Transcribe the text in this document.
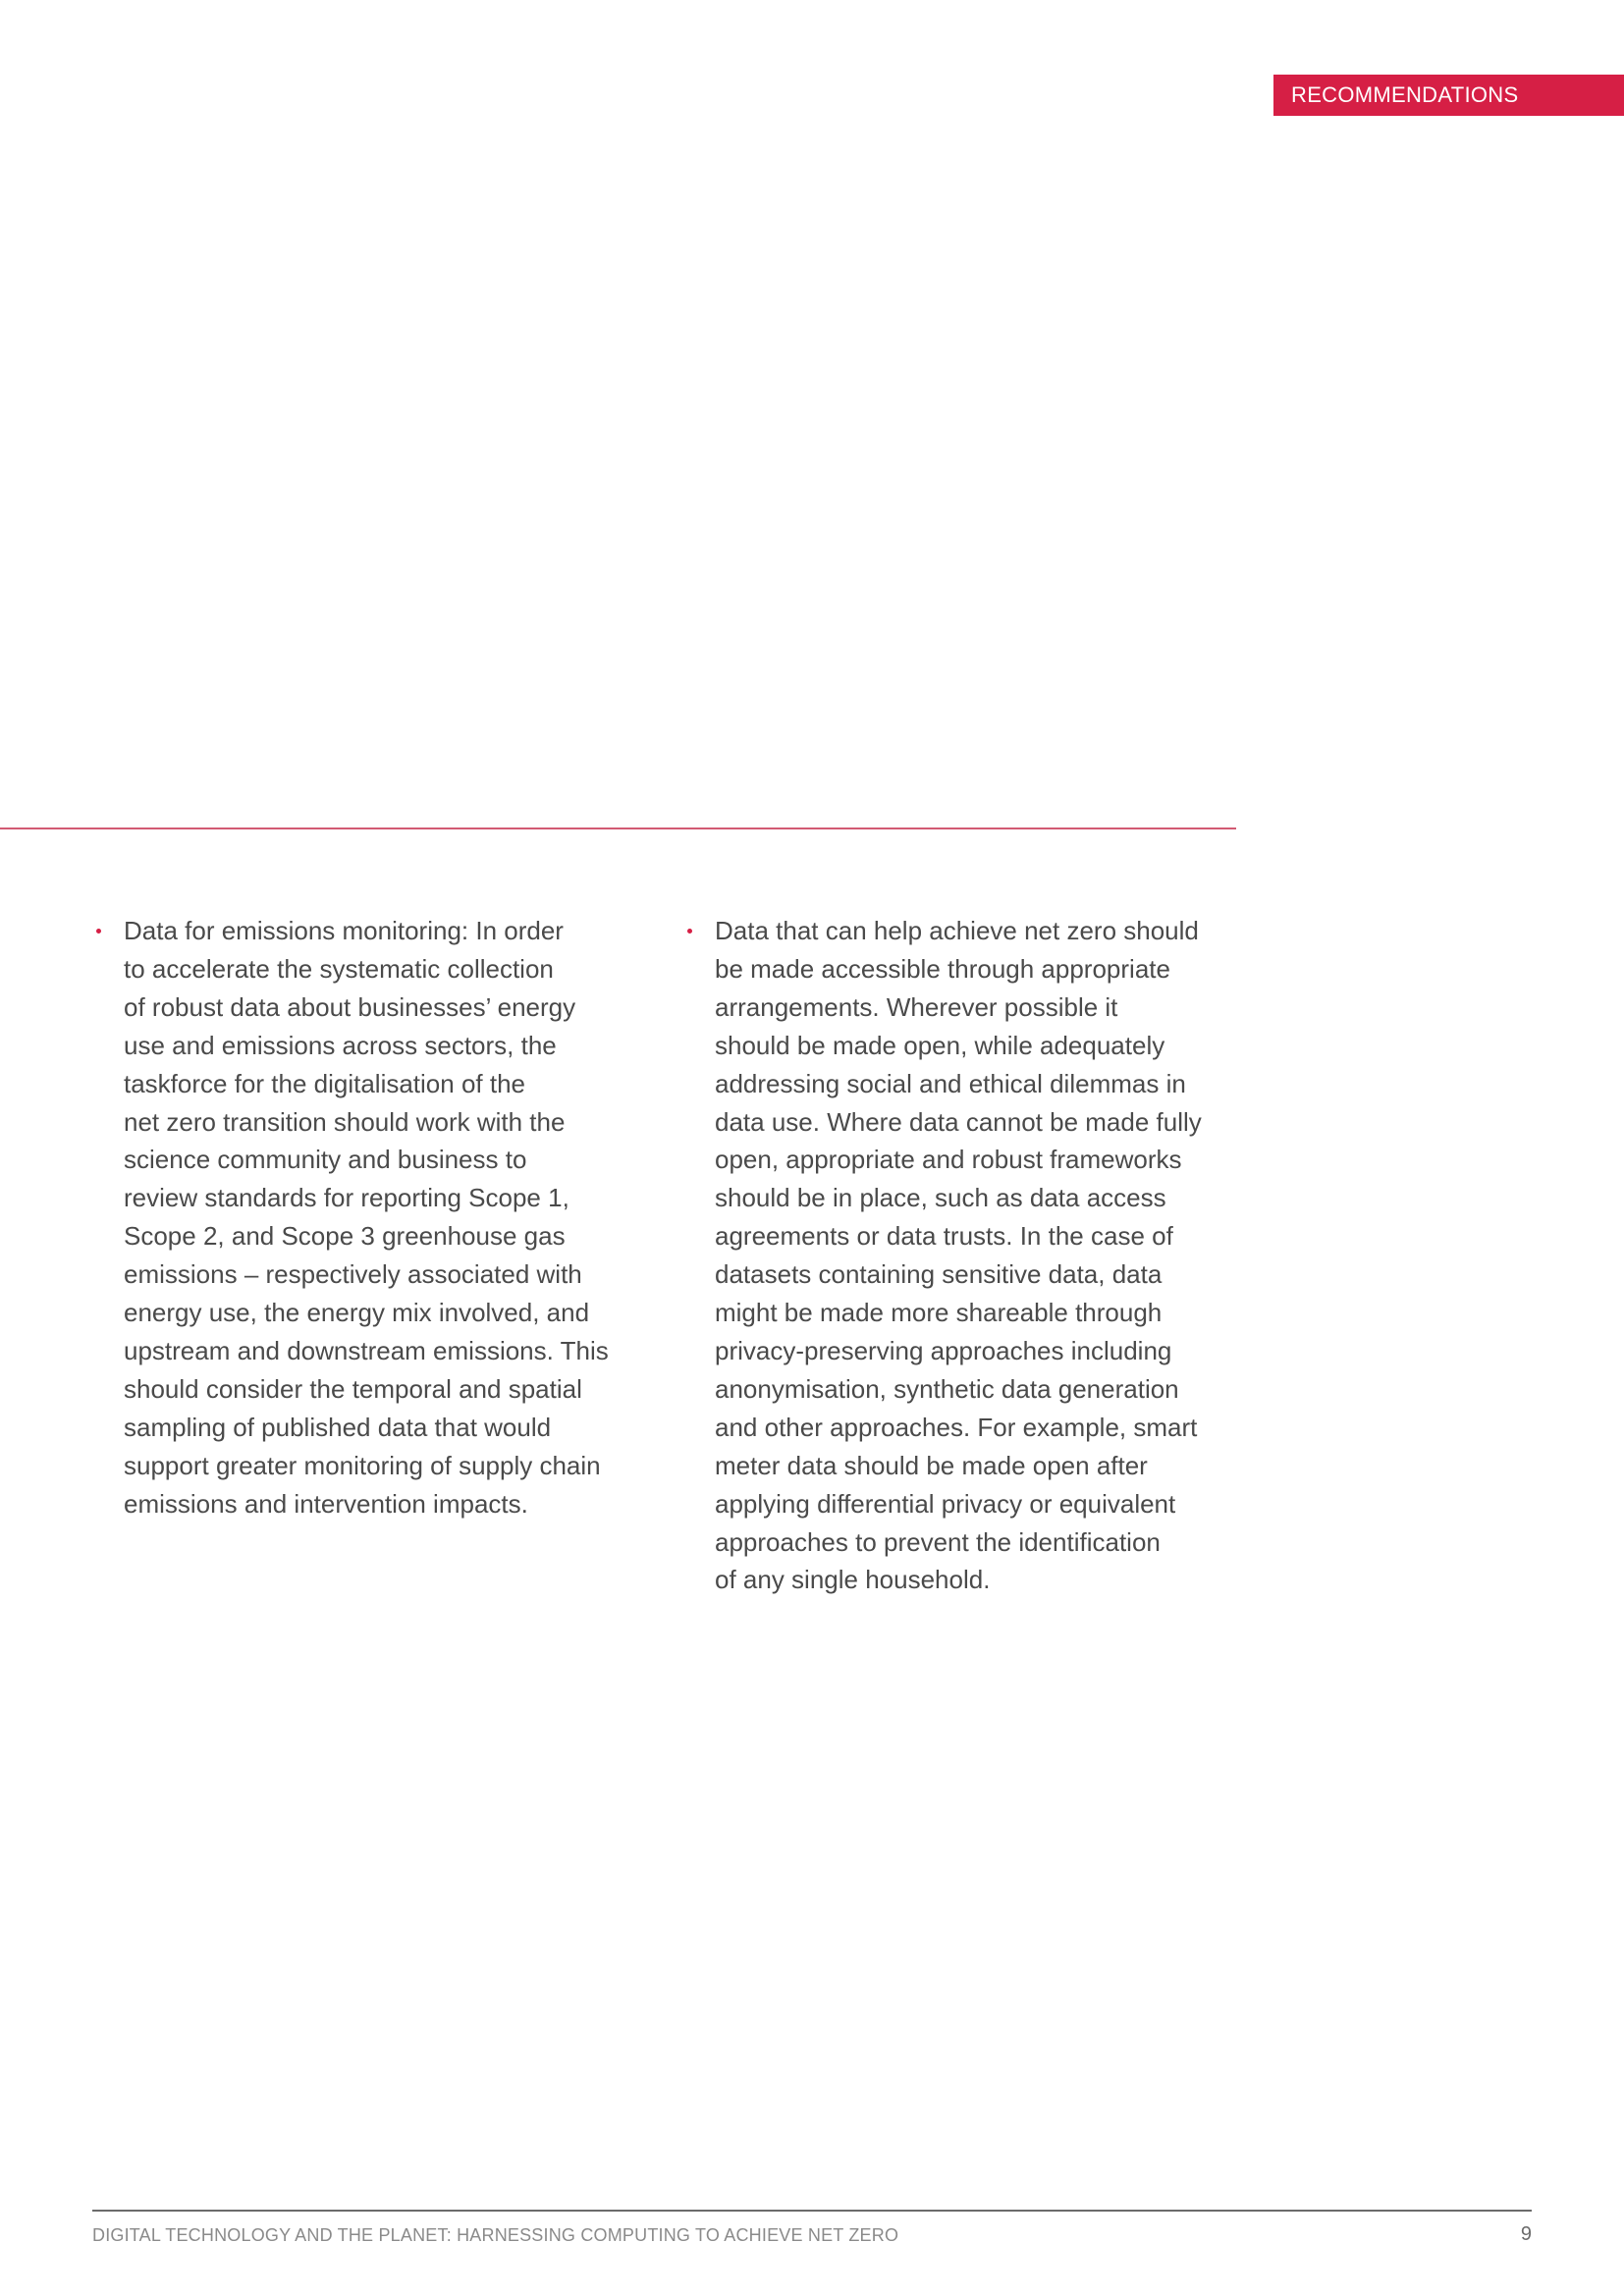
RECOMMENDATIONS
Data for emissions monitoring: In order
to accelerate the systematic collection
of robust data about businesses’ energy
use and emissions across sectors, the
taskforce for the digitalisation of the
net zero transition should work with the
science community and business to
review standards for reporting Scope 1,
Scope 2, and Scope 3 greenhouse gas
emissions – respectively associated with
energy use, the energy mix involved, and
upstream and downstream emissions. This
should consider the temporal and spatial
sampling of published data that would
support greater monitoring of supply chain
emissions and intervention impacts.
Data that can help achieve net zero should
be made accessible through appropriate
arrangements. Wherever possible it
should be made open, while adequately
addressing social and ethical dilemmas in
data use. Where data cannot be made fully
open, appropriate and robust frameworks
should be in place, such as data access
agreements or data trusts. In the case of
datasets containing sensitive data, data
might be made more shareable through
privacy-preserving approaches including
anonymisation, synthetic data generation
and other approaches. For example, smart
meter data should be made open after
applying differential privacy or equivalent
approaches to prevent the identification
of any single household.
DIGITAL TECHNOLOGY AND THE PLANET: HARNESSING COMPUTING TO ACHIEVE NET ZERO	9
